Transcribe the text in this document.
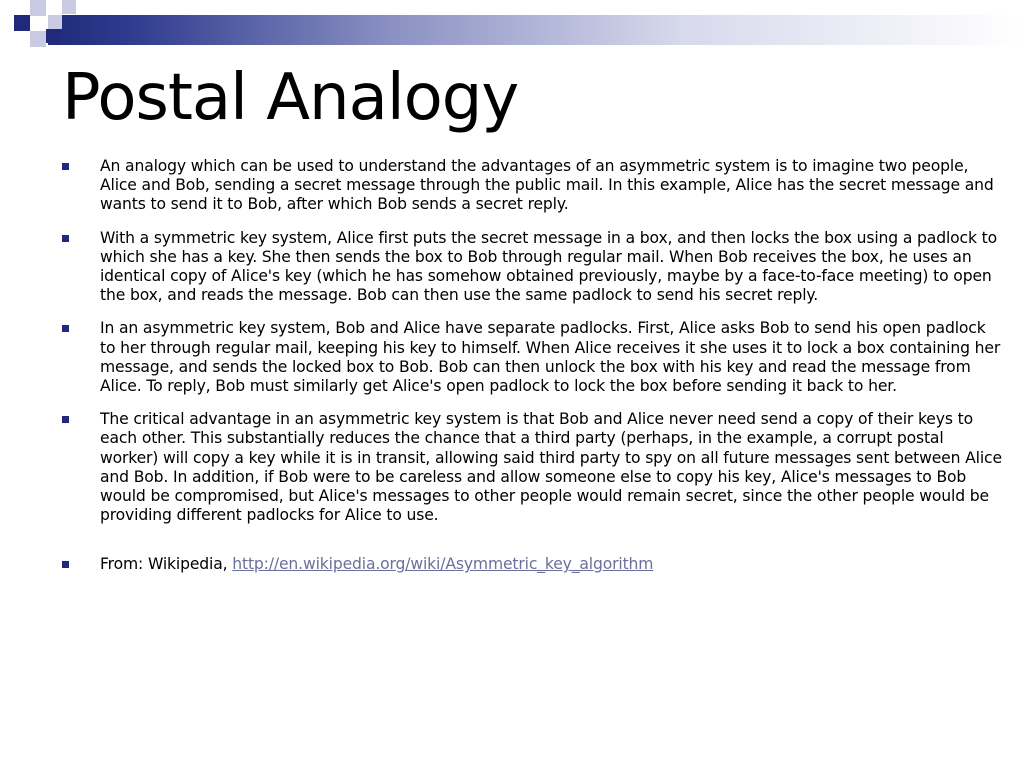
Postal Analogy
An analogy which can be used to understand the advantages of an asymmetric system is to imagine two people, Alice and Bob, sending a secret message through the public mail. In this example, Alice has the secret message and wants to send it to Bob, after which Bob sends a secret reply.
With a symmetric key system, Alice first puts the secret message in a box, and then locks the box using a padlock to which she has a key. She then sends the box to Bob through regular mail. When Bob receives the box, he uses an identical copy of Alice's key (which he has somehow obtained previously, maybe by a face-to-face meeting) to open the box, and reads the message. Bob can then use the same padlock to send his secret reply.
In an asymmetric key system, Bob and Alice have separate padlocks. First, Alice asks Bob to send his open padlock to her through regular mail, keeping his key to himself. When Alice receives it she uses it to lock a box containing her message, and sends the locked box to Bob. Bob can then unlock the box with his key and read the message from Alice. To reply, Bob must similarly get Alice's open padlock to lock the box before sending it back to her.
The critical advantage in an asymmetric key system is that Bob and Alice never need send a copy of their keys to each other. This substantially reduces the chance that a third party (perhaps, in the example, a corrupt postal worker) will copy a key while it is in transit, allowing said third party to spy on all future messages sent between Alice and Bob. In addition, if Bob were to be careless and allow someone else to copy his key, Alice's messages to Bob would be compromised, but Alice's messages to other people would remain secret, since the other people would be providing different padlocks for Alice to use.
From: Wikipedia, http://en.wikipedia.org/wiki/Asymmetric_key_algorithm
